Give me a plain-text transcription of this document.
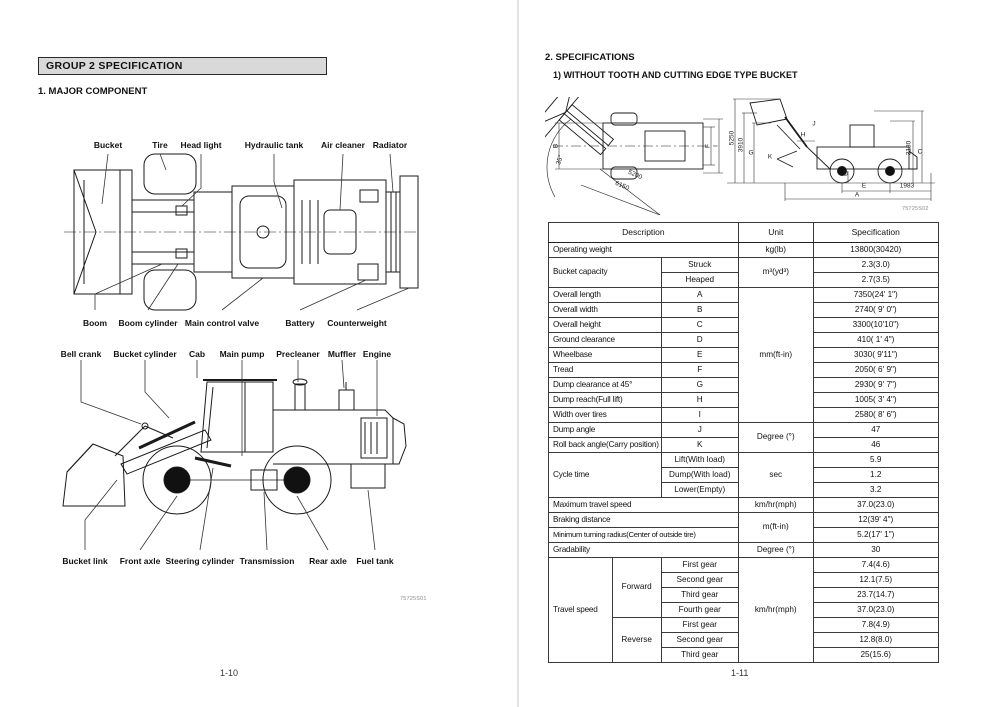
GROUP 2 SPECIFICATION
1. MAJOR COMPONENT
Bucket	Tire Head light	Hydraulic tank Air cleaner Radiator
Boom Boom cylinder Main control valve	Battery Counterweight
Bell crank Bucket cylinder Cab Main pump Precleaner Muffler Engine
Bucket link Front axle Steering cylinder Transmission Rear axle Fuel tank
75725S01
1-10
2. SPECIFICATIONS
1) WITHOUT TOOTH AND CUTTING EDGE TYPE BUCKET
5250 3910
G
K
H
J
D
E	1983
A
3130 C
B	F I
35°
6150
5200
75725S02
Description			Unit	Specification
Operating weight			kg(lb)	13800(30420)
Bucket capacity		Struck	m³(yd³)	2.3(3.0)
		Heaped		2.7(3.5)
Overall length		A	mm(ft-in)	7350(24' 1")
Overall width		B		2740( 9' 0")
Overall height		C		3300(10'10")
Ground clearance		D		410( 1' 4")
Wheelbase		E		3030( 9'11")
Tread		F		2050( 6' 9")
Dump clearance at 45°		G		2930( 9' 7")
Dump reach(Full lift)		H		1005( 3' 4")
Width over tires		I		2580( 8' 6")
Dump angle		J	Degree (°)	47
Roll back angle(Carry position)		K		46
Cycle time		Lift(With load)	sec	5.9
		Dump(With load)		1.2
		Lower(Empty)		3.2
Maximum travel speed			km/hr(mph)	37.0(23.0)
Braking distance			m(ft-in)	12(39' 4")
Minimum turning radius(Center of outside tire)				5.2(17' 1")
Gradability			Degree (°)	30
Travel speed	Forward	First gear	km/hr(mph)	7.4(4.6)
		Second gear		12.1(7.5)
		Third gear		23.7(14.7)
		Fourth gear		37.0(23.0)
	Reverse	First gear		7.8(4.9)
		Second gear		12.8(8.0)
		Third gear		25(15.6)
1-11
